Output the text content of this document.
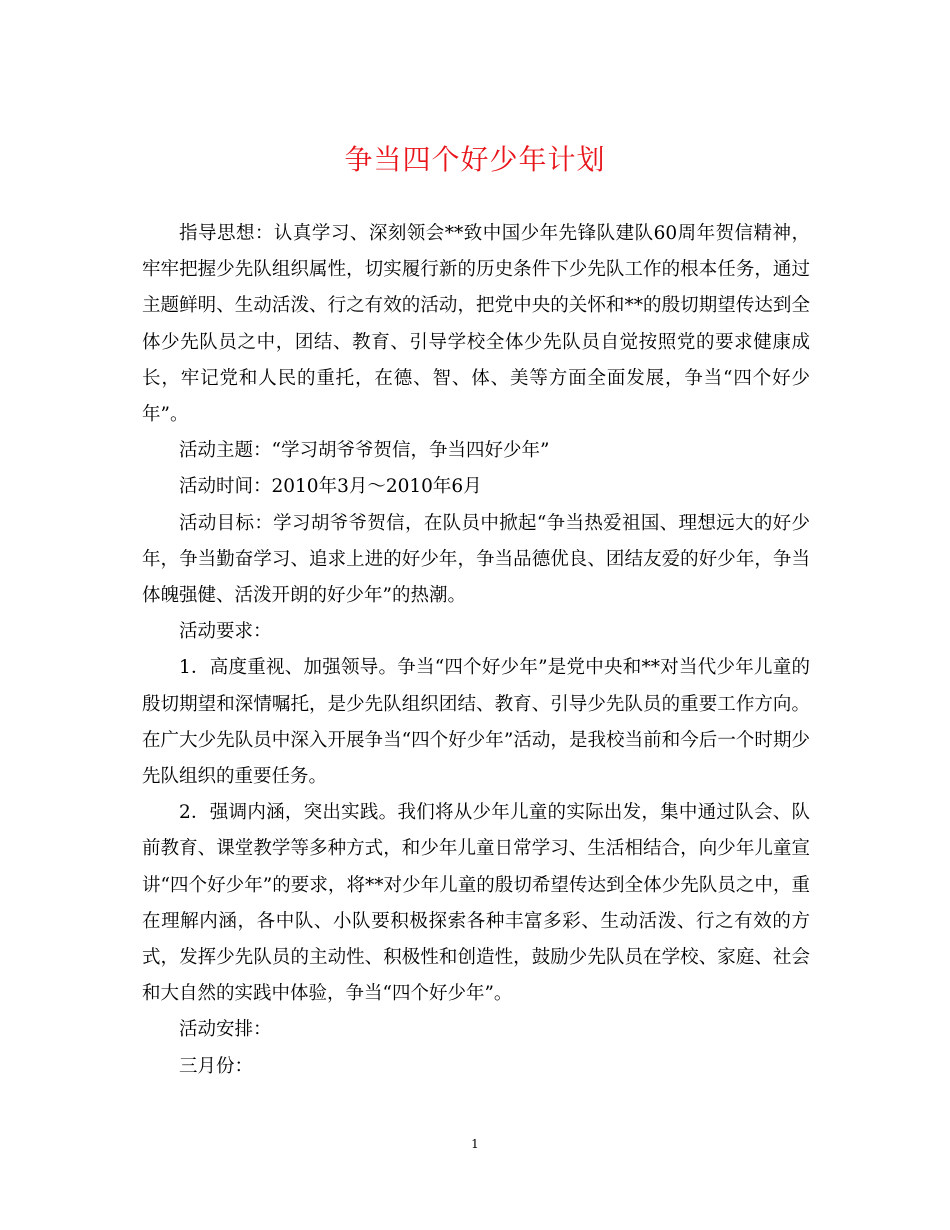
争当四个好少年计划

指导思想：认真学习、深刻领会**致中国少年先锋队建队60周年贺信精神，牢牢把握少先队组织属性，切实履行新的历史条件下少先队工作的根本任务，通过主题鲜明、生动活泼、行之有效的活动，把党中央的关怀和**的殷切期望传达到全体少先队员之中，团结、教育、引导学校全体少先队员自觉按照党的要求健康成长，牢记党和人民的重托，在德、智、体、美等方面全面发展，争当“四个好少年”。

活动主题：“学习胡爷爷贺信，争当四好少年”

活动时间：2010年3月～2010年6月

活动目标：学习胡爷爷贺信，在队员中掀起“争当热爱祖国、理想远大的好少年，争当勤奋学习、追求上进的好少年，争当品德优良、团结友爱的好少年，争当体魄强健、活泼开朗的好少年”的热潮。

活动要求：

1．高度重视、加强领导。争当“四个好少年”是党中央和**对当代少年儿童的殷切期望和深情嘱托，是少先队组织团结、教育、引导少先队员的重要工作方向。在广大少先队员中深入开展争当“四个好少年”活动，是我校当前和今后一个时期少先队组织的重要任务。

2．强调内涵，突出实践。我们将从少年儿童的实际出发，集中通过队会、队前教育、课堂教学等多种方式，和少年儿童日常学习、生活相结合，向少年儿童宣讲“四个好少年”的要求，将**对少年儿童的殷切希望传达到全体少先队员之中，重在理解内涵，各中队、小队要积极探索各种丰富多彩、生动活泼、行之有效的方式，发挥少先队员的主动性、积极性和创造性，鼓励少先队员在学校、家庭、社会和大自然的实践中体验，争当“四个好少年”。

活动安排：

三月份：

1
